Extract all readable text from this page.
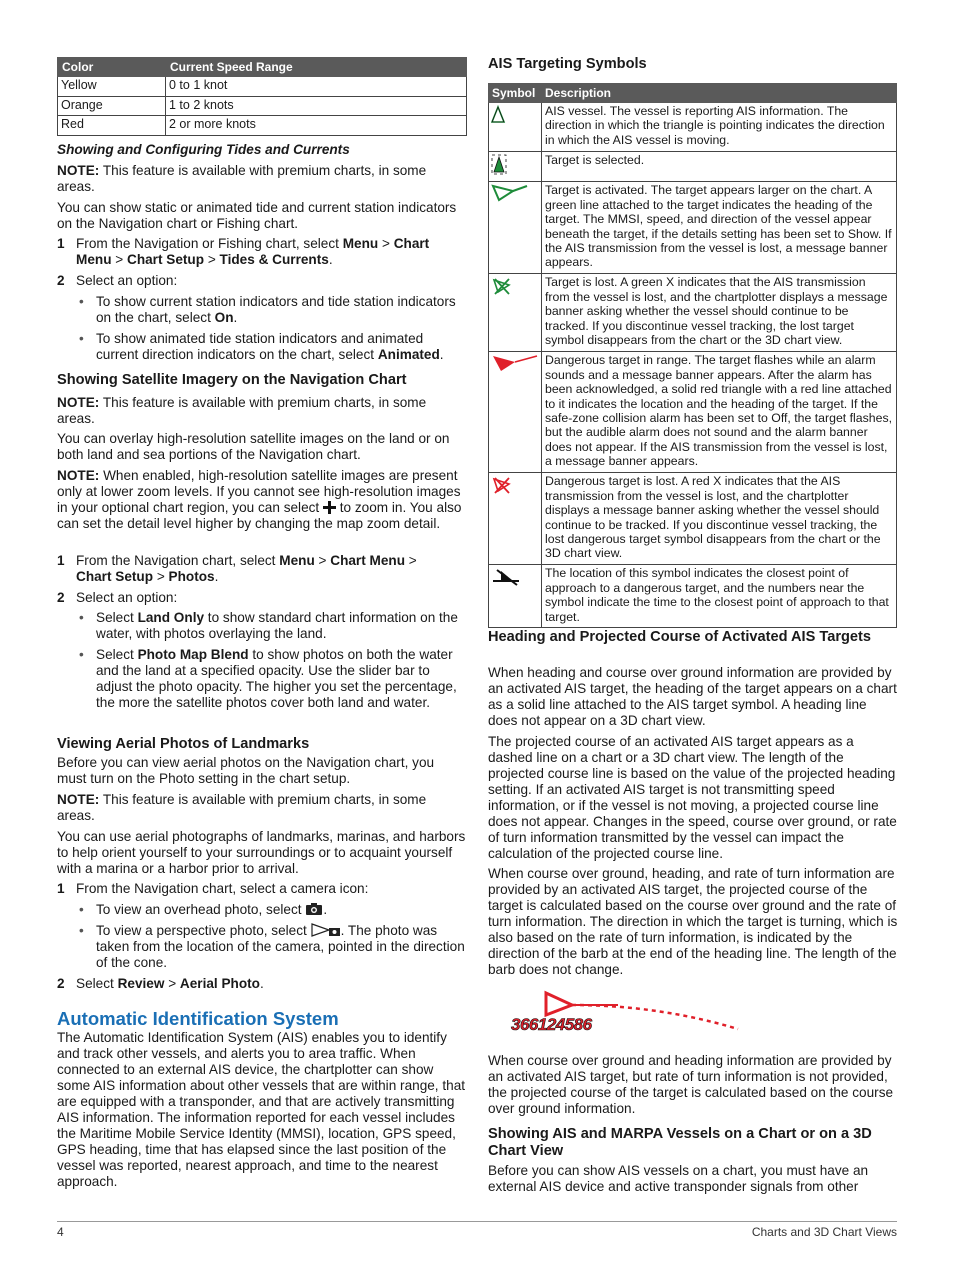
Color	Current Speed Range
Yellow	0 to 1 knot
Orange	1 to 2 knots
Red	2 or more knots
Showing and Configuring Tides and Currents

NOTE: This feature is available with premium charts, in some areas.

You can show static or animated tide and current station indicators on the Navigation chart or Fishing chart.

1 From the Navigation or Fishing chart, select Menu > Chart
Menu > Chart Setup > Tides & Currents.
2 Select an option:
• To show current station indicators and tide station indicators on the chart, select On.
• To show animated tide station indicators and animated current direction indicators on the chart, select Animated.
Showing Satellite Imagery on the Navigation Chart

NOTE: This feature is available with premium charts, in some areas.

You can overlay high-resolution satellite images on the land or on both land and sea portions of the Navigation chart.

NOTE: When enabled, high-resolution satellite images are present only at lower zoom levels. If you cannot see high-resolution images in your optional chart region, you can select  to zoom in. You also can set the detail level higher by changing the map zoom detail.

1 From the Navigation chart, select Menu > Chart Menu >
Chart Setup > Photos.
2 Select an option:
• Select Land Only to show standard chart information on the water, with photos overlaying the land.
• Select Photo Map Blend to show photos on both the water and the land at a specified opacity. Use the slider bar to adjust the photo opacity. The higher you set the percentage, the more the satellite photos cover both land and water.
Viewing Aerial Photos of Landmarks

Before you can view aerial photos on the Navigation chart, you must turn on the Photo setting in the chart setup.

NOTE: This feature is available with premium charts, in some areas.

You can use aerial photographs of landmarks, marinas, and harbors to help orient yourself to your surroundings or to acquaint yourself with a marina or a harbor prior to arrival.

1 From the Navigation chart, select a camera icon:
• To view an overhead photo, select .
• To view a perspective photo, select . The photo was taken from the location of the camera, pointed in the direction of the cone.
2 Select Review > Aerial Photo.
Automatic Identification System

The Automatic Identification System (AIS) enables you to identify and track other vessels, and alerts you to area traffic. When connected to an external AIS device, the chartplotter can show some AIS information about other vessels that are within range, that are equipped with a transponder, and that are actively transmitting AIS information. The information reported for each vessel includes the Maritime Mobile Service Identity (MMSI), location, GPS speed, GPS heading, time that has elapsed since the last position of the vessel was reported, nearest approach, and time to the nearest approach.

AIS Targeting Symbols
Symbol	Description
	AIS vessel. The vessel is reporting AIS information. The direction in which the triangle is pointing indicates the direction in which the AIS vessel is moving.
	Target is selected.
	Target is activated. The target appears larger on the chart. A green line attached to the target indicates the heading of the target. The MMSI, speed, and direction of the vessel appear beneath the target, if the details setting has been set to Show. If the AIS transmission from the vessel is lost, a message banner appears.
	Target is lost. A green X indicates that the AIS transmission from the vessel is lost, and the chartplotter displays a message banner asking whether the vessel should continue to be tracked. If you discontinue vessel tracking, the lost target symbol disappears from the chart or the 3D chart view.
	Dangerous target in range. The target flashes while an alarm sounds and a message banner appears. After the alarm has been acknowledged, a solid red triangle with a red line attached to it indicates the location and the heading of the target. If the safe-zone collision alarm has been set to Off, the target flashes, but the audible alarm does not sound and the alarm banner does not appear. If the AIS transmission from the vessel is lost, a message banner appears.
	Dangerous target is lost. A red X indicates that the AIS transmission from the vessel is lost, and the chartplotter displays a message banner asking whether the vessel should continue to be tracked. If you discontinue vessel tracking, the lost dangerous target symbol disappears from the chart or the 3D chart view.
	The location of this symbol indicates the closest point of approach to a dangerous target, and the numbers near the symbol indicate the time to the closest point of approach to that target.
Heading and Projected Course of Activated AIS Targets

When heading and course over ground information are provided by an activated AIS target, the heading of the target appears on a chart as a solid line attached to the AIS target symbol. A heading line does not appear on a 3D chart view.

The projected course of an activated AIS target appears as a dashed line on a chart or a 3D chart view. The length of the projected course line is based on the value of the projected heading setting. If an activated AIS target is not transmitting speed information, or if the vessel is not moving, a projected course line does not appear. Changes in the speed, course over ground, or rate of turn information transmitted by the vessel can impact the calculation of the projected course line.

When course over ground, heading, and rate of turn information are provided by an activated AIS target, the projected course of the target is calculated based on the course over ground and the rate of turn information. The direction in which the target is turning, which is also based on the rate of turn information, is indicated by the direction of the barb at the end of the heading line. The length of the barb does not change.

366124586

When course over ground and heading information are provided by an activated AIS target, but rate of turn information is not provided, the projected course of the target is calculated based on the course over ground information.

Showing AIS and MARPA Vessels on a Chart or on a 3D Chart View

Before you can show AIS vessels on a chart, you must have an external AIS device and active transponder signals from other

4	Charts and 3D Chart Views
